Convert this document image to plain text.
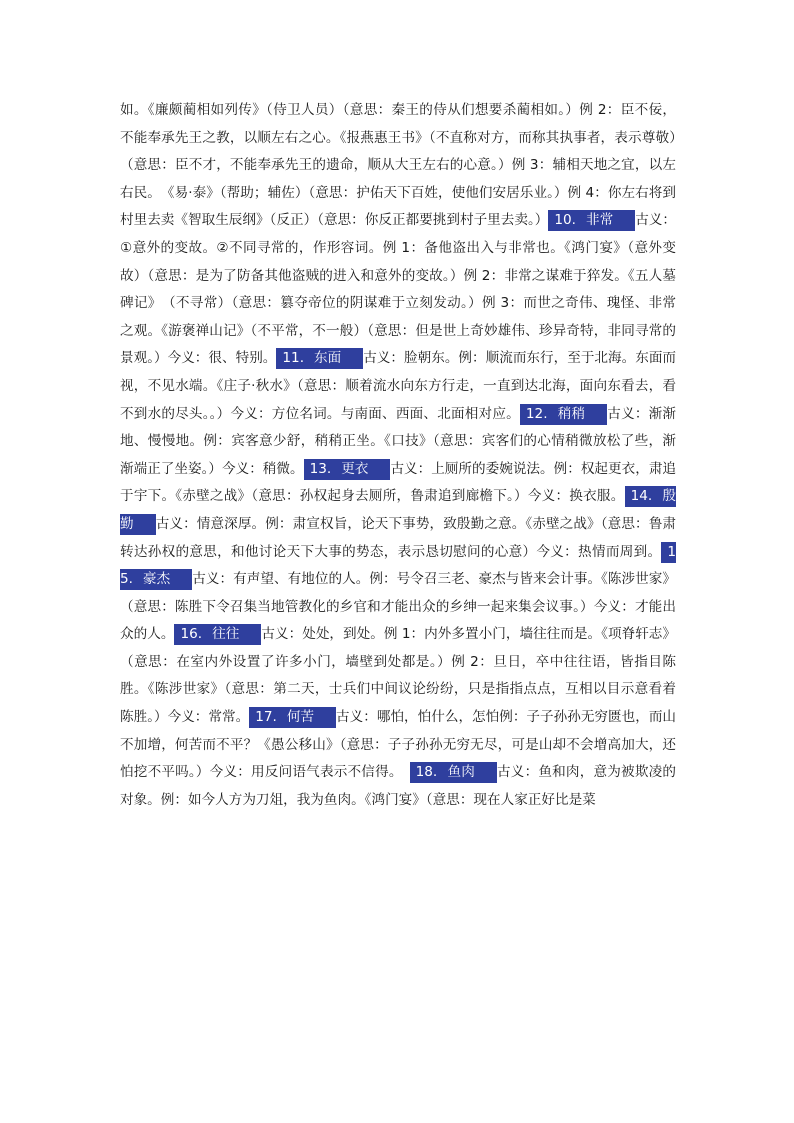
如。《廉颇蔺相如列传》（侍卫人员）（意思：秦王的侍从们想要杀蔺相如。）例 2：臣不佞，不能奉承先王之教，以顺左右之心。《报燕惠王书》（不直称对方，而称其执事者，表示尊敬）（意思：臣不才，不能奉承先王的遗命，顺从大王左右的心意。）例 3：辅相天地之宜，以左右民。　《易·泰》（帮助；辅佐）（意思：护佑天下百姓，使他们安居乐业。）例 4：你左右将到村里去卖《智取生辰纲》（反正）（意思：你反正都要挑到村子里去卖。） 10. 非常 古义：①意外的变故。②不同寻常的，作形容词。例 1：备他盗出入与非常也。《鸿门宴》（意外变故）（意思：是为了防备其他盗贼的进入和意外的变故。）例 2：非常之谋难于猝发。《五人墓碑记》　（不寻常）（意思：篡夺帝位的阴谋难于立刻发动。）例 3：而世之奇伟、瑰怪、非常之观。《游褒禅山记》（不平常，不一般）（意思：但是世上奇妙雄伟、珍异奇特，非同寻常的景观。）今义：很、特别。 11. 东面 古义：脸朝东。例：顺流而东行，至于北海。东面而视，不见水端。《庄子·秋水》（意思：顺着流水向东方行走，一直到达北海，面向东看去，看不到水的尽头。。）今义：方位名词。与南面、西面、北面相对应。 12. 稍稍 古义：渐渐地、慢慢地。例：宾客意少舒，稍稍正坐。《口技》（意思：宾客们的心情稍微放松了些，渐渐端正了坐姿。）今义：稍微。 13. 更衣 古义：上厕所的委婉说法。例：权起更衣，肃追于宇下。《赤壁之战》（意思：孙权起身去厕所，鲁肃追到廊檐下。）今义：换衣服。 14. 殷勤 古义：情意深厚。例：肃宣权旨，论天下事势，致殷勤之意。《赤壁之战》（意思：鲁肃转达孙权的意思，和他讨论天下大事的势态，表示恳切慰问的心意）今义：热情而周到。 15. 豪杰 古义：有声望、有地位的人。例：号令召三老、豪杰与皆来会计事。《陈涉世家》（意思：陈胜下令召集当地管教化的乡官和才能出众的乡绅一起来集会议事。）今义：才能出众的人。 16. 往往 古义：处处，到处。例 1：内外多置小门，墙往往而是。《项脊轩志》（意思：在室内外设置了许多小门，墙壁到处都是。）例 2：旦日，卒中往往语，皆指目陈胜。《陈涉世家》（意思：第二天，士兵们中间议论纷纷，只是指指点点，互相以目示意看着陈胜。）今义：常常。 17. 何苦 古义：哪怕，怕什么，怎怕例：子子孙孙无穷匮也，而山不加增，何苦而不平？《愚公移山》（意思：子子孙孙无穷无尽，可是山却不会增高加大，还怕挖不平吗。）今义：用反问语气表示不信得。　18. 鱼肉 古义：鱼和肉，意为被欺凌的对象。例：如今人方为刀俎，我为鱼肉。《鸿门宴》（意思：现在人家正好比是菜
